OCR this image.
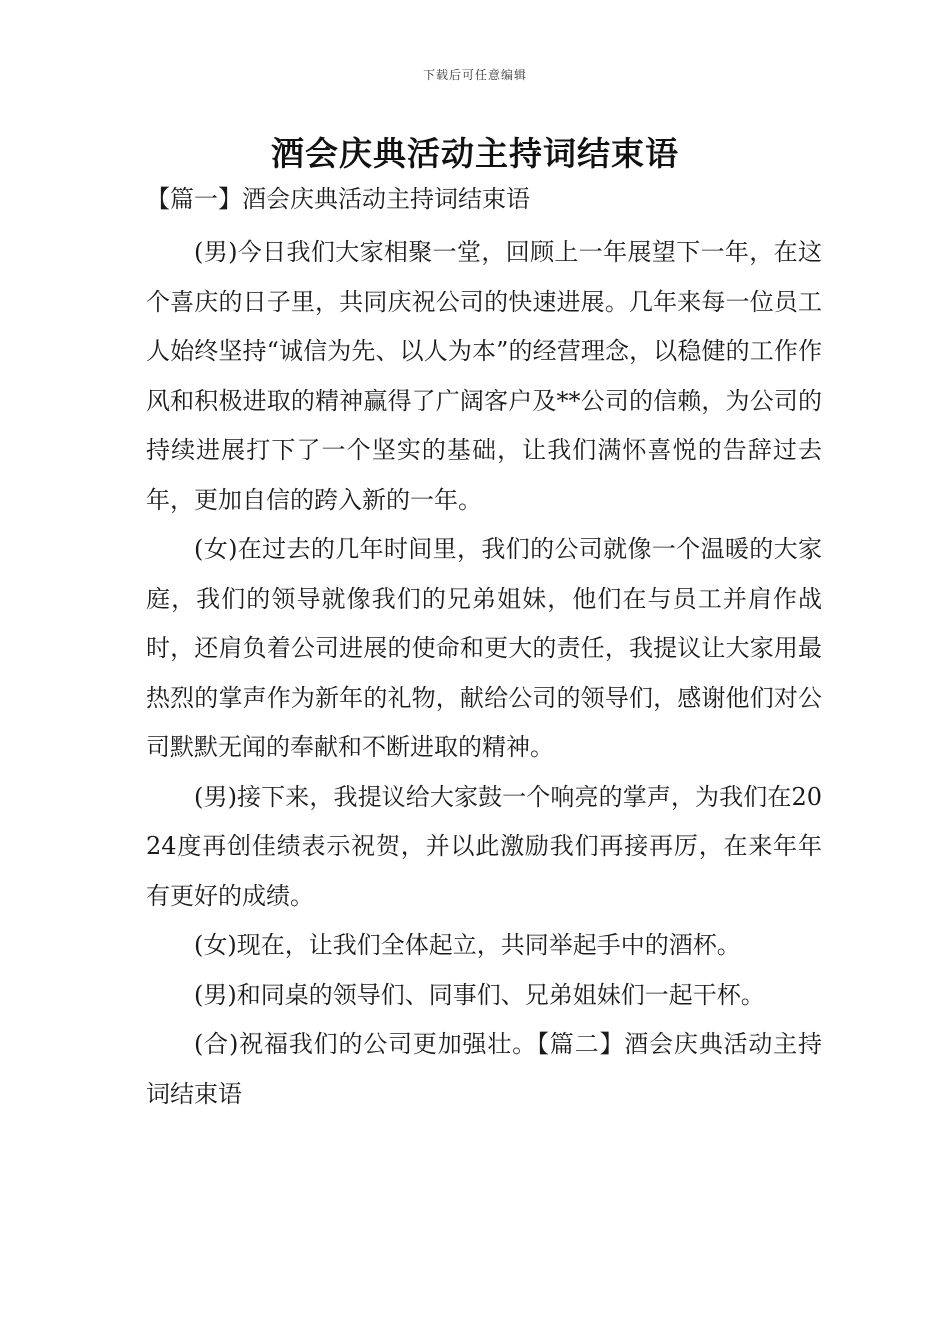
下载后可任意编辑
酒会庆典活动主持词结束语
【篇一】酒会庆典活动主持词结束语

(男)今日我们大家相聚一堂，回顾上一年展望下一年，在这个喜庆的日子里，共同庆祝公司的快速进展。几年来每一位员工人始终坚持“诚信为先、以人为本”的经营理念，以稳健的工作作风和积极进取的精神赢得了广阔客户及**公司的信赖，为公司的持续进展打下了一个坚实的基础，让我们满怀喜悦的告辞过去年，更加自信的跨入新的一年。

(女)在过去的几年时间里，我们的公司就像一个温暖的大家庭，我们的领导就像我们的兄弟姐妹，他们在与员工并肩作战时，还肩负着公司进展的使命和更大的责任，我提议让大家用最热烈的掌声作为新年的礼物，献给公司的领导们，感谢他们对公司默默无闻的奉献和不断进取的精神。

(男)接下来，我提议给大家鼓一个响亮的掌声，为我们在2024度再创佳绩表示祝贺，并以此激励我们再接再厉，在来年年有更好的成绩。

(女)现在，让我们全体起立，共同举起手中的酒杯。

(男)和同桌的领导们、同事们、兄弟姐妹们一起干杯。

(合)祝福我们的公司更加强壮。【篇二】酒会庆典活动主持词结束语
